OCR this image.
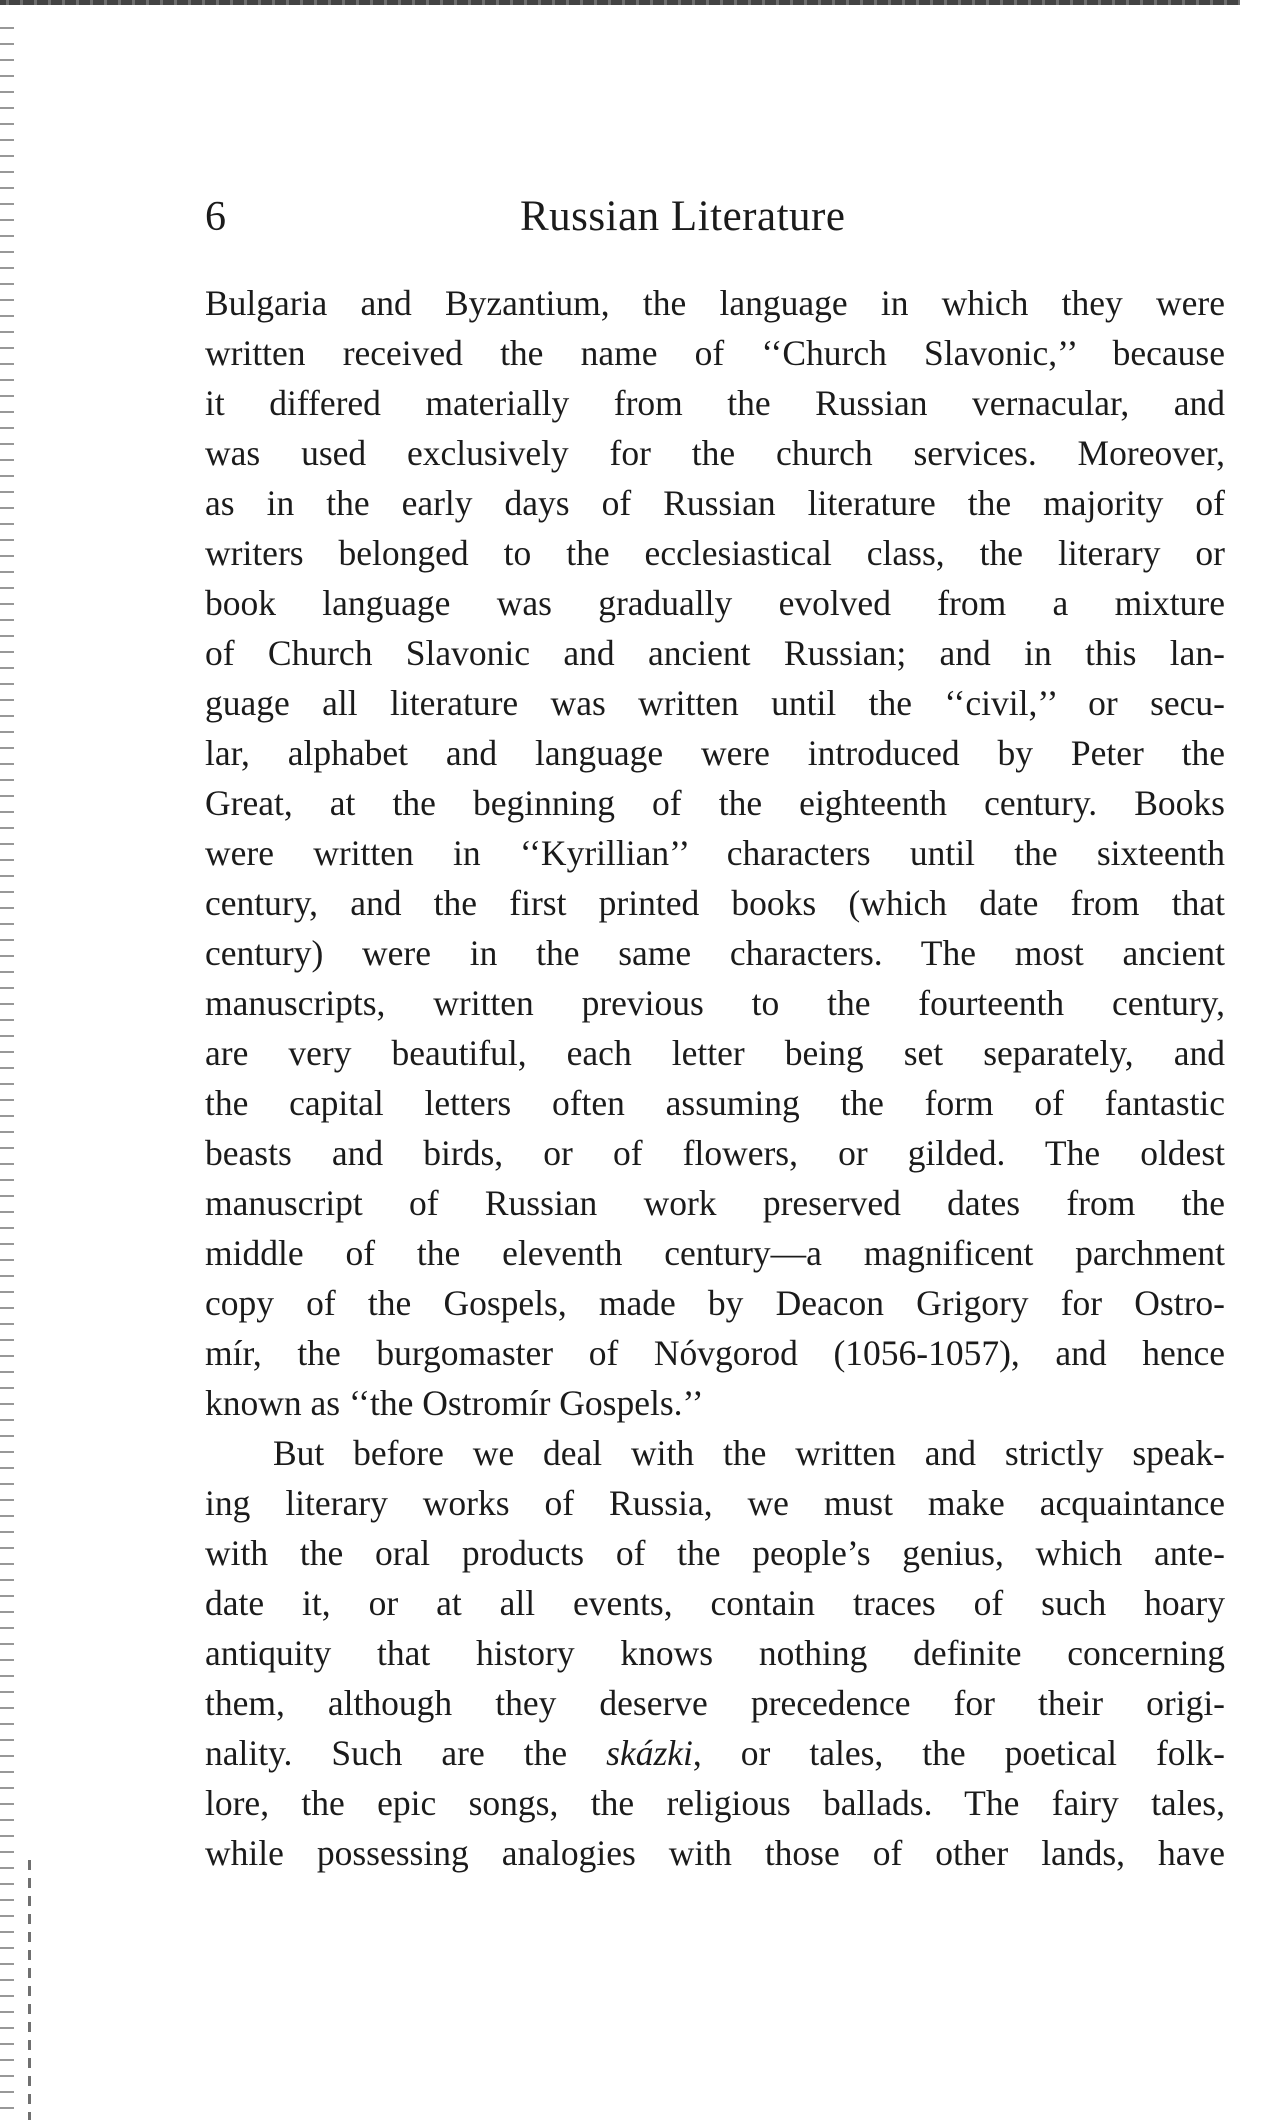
6	Russian Literature
Bulgaria and Byzantium, the language in which they were
written received the name of ‘‘Church Slavonic,’’ because
it differed materially from the Russian vernacular, and
was used exclusively for the church services. Moreover,
as in the early days of Russian literature the majority of
writers belonged to the ecclesiastical class, the literary or
book language was gradually evolved from a mixture
of Church Slavonic and ancient Russian; and in this lan-
guage all literature was written until the ‘‘civil,’’ or secu-
lar, alphabet and language were introduced by Peter the
Great, at the beginning of the eighteenth century. Books
were written in ‘‘Kyrillian’’ characters until the sixteenth
century, and the first printed books (which date from that
century) were in the same characters. The most ancient
manuscripts, written previous to the fourteenth century,
are very beautiful, each letter being set separately, and
the capital letters often assuming the form of fantastic
beasts and birds, or of flowers, or gilded. The oldest
manuscript of Russian work preserved dates from the
middle of the eleventh century—a magnificent parchment
copy of the Gospels, made by Deacon Grigory for Ostro-
mír, the burgomaster of Nóvgorod (1056-1057), and hence
known as ‘‘the Ostromír Gospels.’’
But before we deal with the written and strictly speak-
ing literary works of Russia, we must make acquaintance
with the oral products of the people’s genius, which ante-
date it, or at all events, contain traces of such hoary
antiquity that history knows nothing definite concerning
them, although they deserve precedence for their origi-
nality. Such are the skázki, or tales, the poetical folk-
lore, the epic songs, the religious ballads. The fairy tales,
while possessing analogies with those of other lands, have
